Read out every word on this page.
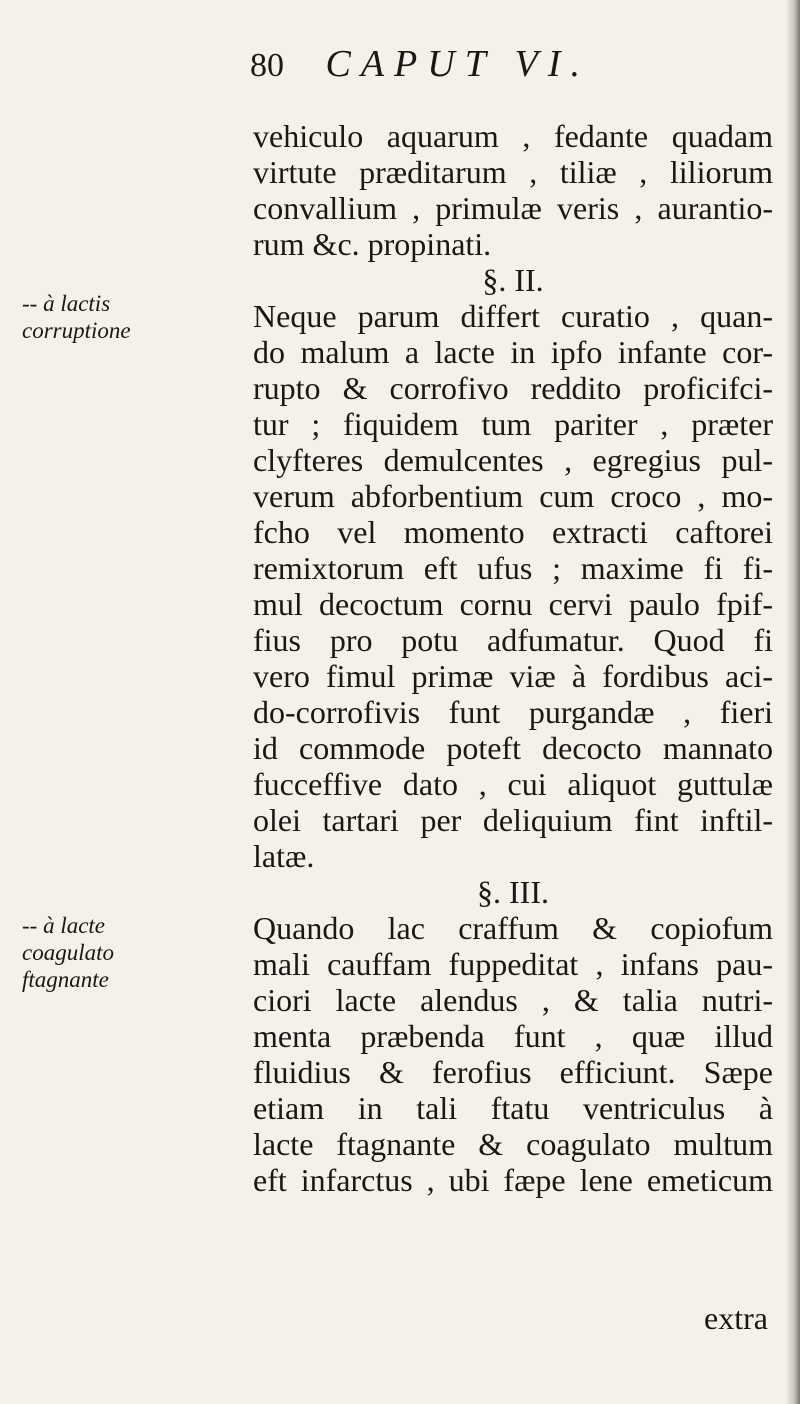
80 CAPUT VI.
vehiculo aquarum , fedante quadam
virtute præditarum , tiliæ , liliorum
convallium , primulæ veris , aurantio-
rum &c. propinati.
§. II.
Neque parum differt curatio , quan-
do malum a lacte in ipfo infante cor-
rupto & corrofivo reddito proficifci-
tur ; fiquidem tum pariter , præter
clyfteres demulcentes , egregius pul-
verum abforbentium cum croco , mo-
fcho vel momento extracti caftorei
remixtorum eft ufus ; maxime fi fi-
mul decoctum cornu cervi paulo fpif-
fius pro potu adfumatur. Quod fi
vero fimul primæ viæ à fordibus aci-
do-corrofivis funt purgandæ , fieri
id commode poteft decocto mannato
fucceffive dato , cui aliquot guttulæ
olei tartari per deliquium fint inftil-
latæ.
§. III.
Quando lac craffum & copiofum
mali cauffam fuppeditat , infans pau-
ciori lacte alendus , & talia nutri-
menta præbenda funt , quæ illud
fluidius & ferofius efficiunt. Sæpe
etiam in tali ftatu ventriculus à
lacte ftagnante & coagulato multum
eft infarctus , ubi fæpe lene emeticum
extra
-- à lactis
corruptione
-- à lacte
coagulato
ftagnante
